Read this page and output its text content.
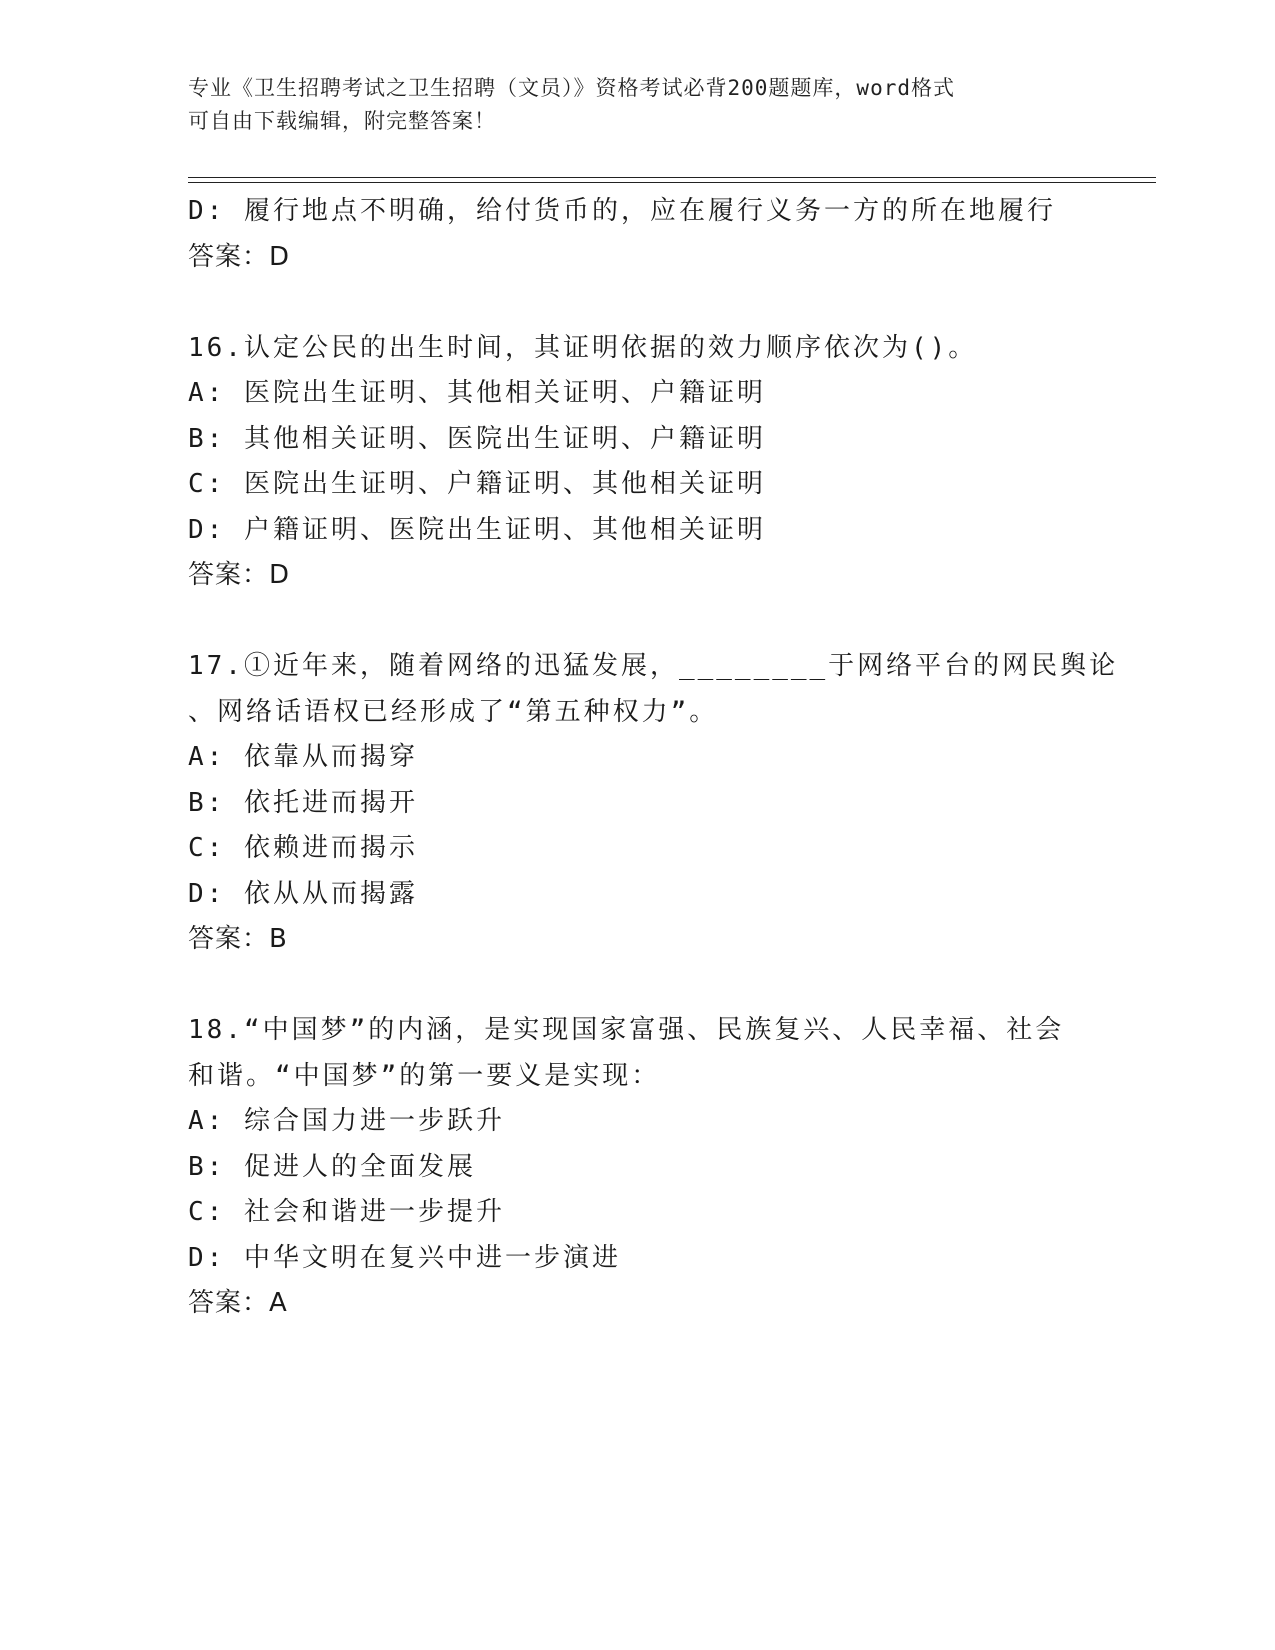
专业《卫生招聘考试之卫生招聘（文员）》资格考试必背200题题库，word格式
可自由下载编辑，附完整答案！
D: 履行地点不明确，给付货币的，应在履行义务一方的所在地履行
答案：D
16.认定公民的出生时间，其证明依据的效力顺序依次为()。
A: 医院出生证明、其他相关证明、户籍证明
B: 其他相关证明、医院出生证明、户籍证明
C: 医院出生证明、户籍证明、其他相关证明
D: 户籍证明、医院出生证明、其他相关证明
答案：D
17.①近年来，随着网络的迅猛发展，________于网络平台的网民舆论
、网络话语权已经形成了“第五种权力”。
A: 依靠从而揭穿
B: 依托进而揭开
C: 依赖进而揭示
D: 依从从而揭露
答案：B
18.“中国梦”的内涵，是实现国家富强、民族复兴、人民幸福、社会
和谐。“中国梦”的第一要义是实现：
A: 综合国力进一步跃升
B: 促进人的全面发展
C: 社会和谐进一步提升
D: 中华文明在复兴中进一步演进
答案：A
